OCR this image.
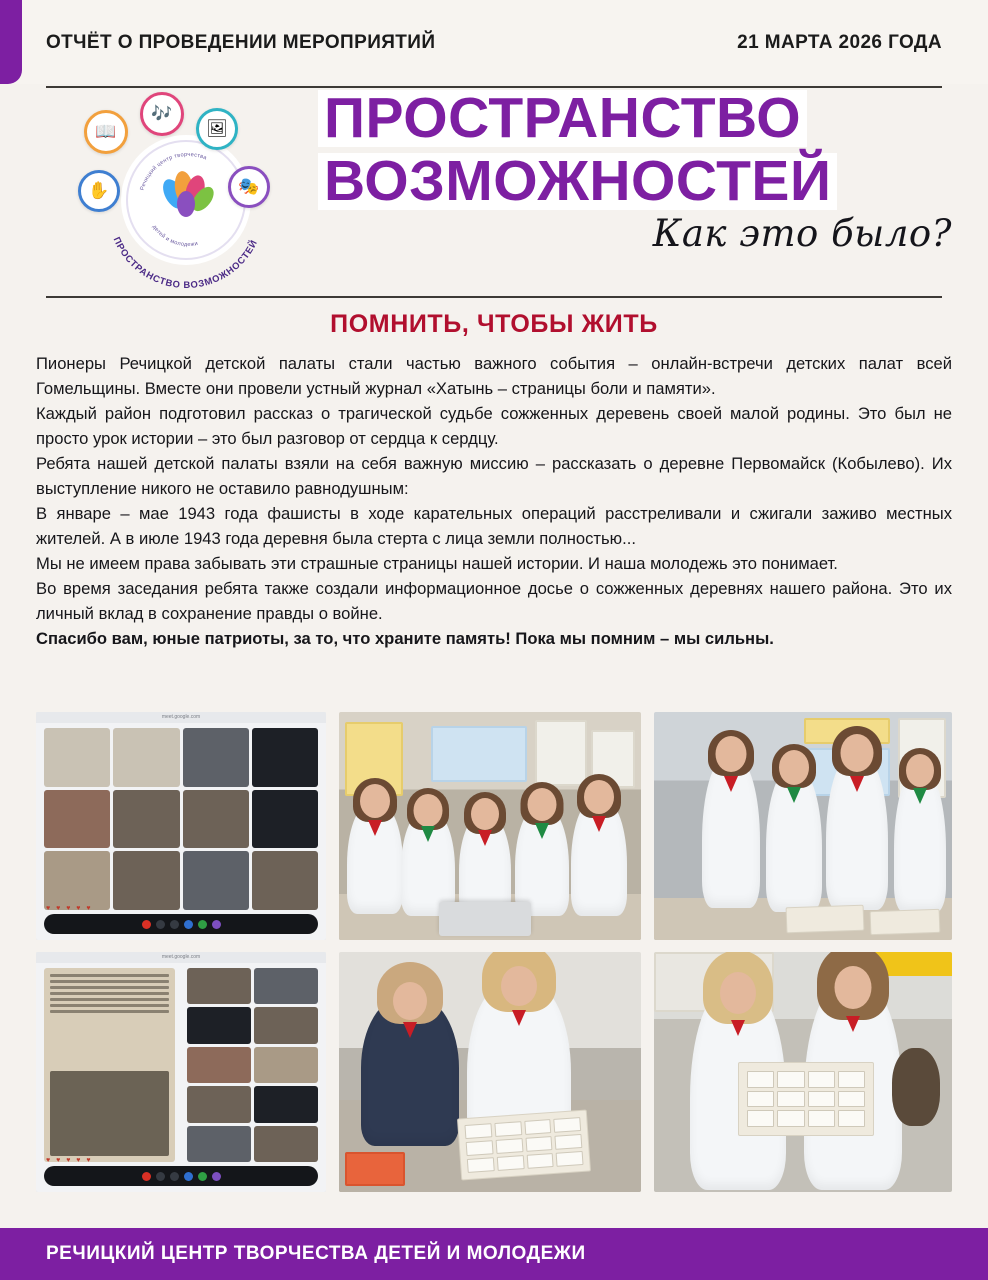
ОТЧЁТ О ПРОВЕДЕНИИ МЕРОПРИЯТИЙ	21 МАРТА 2026 ГОДА
ПРОСТРАНСТВО ВОЗМОЖНОСТЕЙ
Речицкий центр творчества
детей и молодежи
📖
🎶
🖼
✋	🎭
ПРОСТРАНСТВО
ВОЗМОЖНОСТЕЙ
Как это было?
ПОМНИТЬ, ЧТОБЫ ЖИТЬ

Пионеры Речицкой детской палаты стали частью важного события – онлайн-встречи детских палат всей Гомельщины. Вместе они провели устный журнал «Хатынь – страницы боли и памяти».

Каждый район подготовил рассказ о трагической судьбе сожженных деревень своей малой родины. Это был не просто урок истории – это был разговор от сердца к сердцу.

Ребята нашей детской палаты взяли на себя важную миссию – рассказать о деревне Первомайск (Кобылево). Их выступление никого не оставило равнодушным:

В январе – мае 1943 года фашисты в ходе карательных операций расстреливали и сжигали заживо местных жителей. А в июле 1943 года деревня была стерта с лица земли полностью...

Мы не имеем права забывать эти страшные страницы нашей истории. И наша молодежь это понимает.

Во время заседания ребята также создали информационное досье о сожженных деревнях нашего района. Это их личный вклад в сохранение правды о войне.

Спасибо вам, юные патриоты, за то, что храните память! Пока мы помним – мы сильны.

meet.google.com
♥ ♥ ♥ ♥ ♥
meet.google.com
♥ ♥ ♥ ♥ ♥
РЕЧИЦКИЙ ЦЕНТР ТВОРЧЕСТВА ДЕТЕЙ И МОЛОДЕЖИ
